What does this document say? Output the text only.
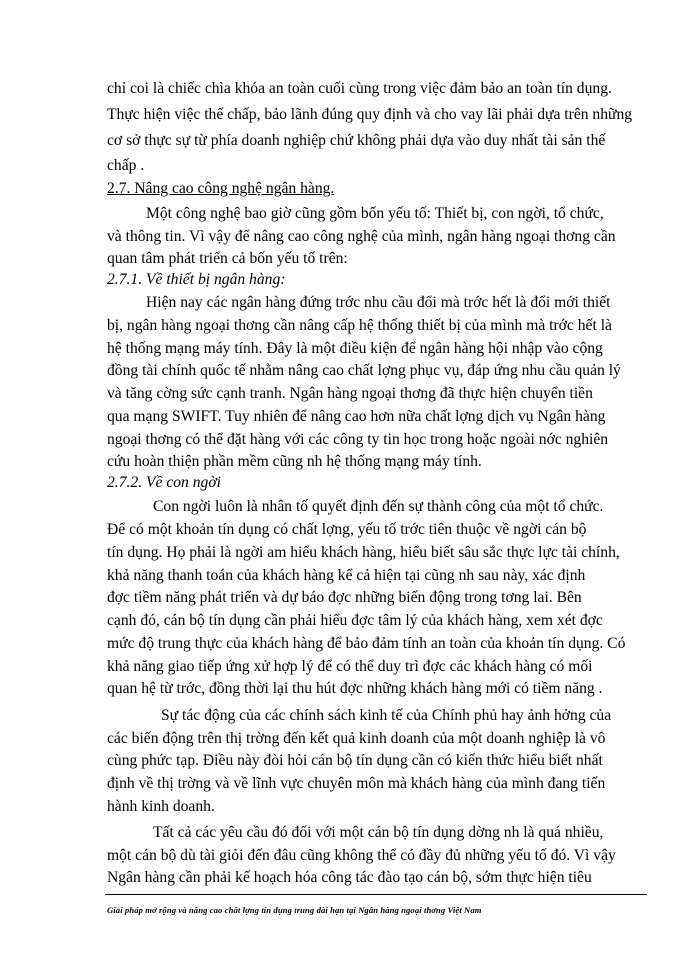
chỉ coi là chiếc chìa khóa an toàn cuối cùng trong việc đảm bảo an toàn tín dụng.
Thực hiện việc thế chấp, bảo lãnh đúng quy định và cho vay lãi phải dựa trên những
cơ sở thực sự từ phía doanh nghiệp chứ không phải dựa vào duy nhất tài sản thế
chấp .
2.7. Nâng cao công nghệ ngân hàng.
Một công nghệ bao giờ cũng gồm bốn yếu tố: Thiết bị, con ngời, tổ chức,
và thông tin. Vì vậy để nâng cao công nghệ của mình, ngân hàng ngoại thơng cần
quan tâm phát triển cả bốn yếu tố trên:
2.7.1. Về thiết bị ngân hàng:
Hiện nay các ngân hàng đứng trớc nhu cầu đổi mà trớc hết là đổi mới thiết
bị, ngân hàng ngoại thơng cần nâng cấp hệ thống thiết bị của mình mà trớc hết là
hệ thống mạng máy tính. Đây là một điều kiện để ngân hàng hội nhập vào cộng
đồng tài chính quốc tế nhằm nâng cao chất lợng phục vụ, đáp ứng nhu cầu quản lý
và tăng cờng sức cạnh tranh. Ngân hàng ngoại thơng đã thực hiện chuyển tiền
qua mạng SWIFT. Tuy nhiên để nâng cao hơn nữa chất lợng dịch vụ Ngân hàng
ngoại thơng có thể đặt hàng với các công ty tin học trong hoặc ngoài nớc nghiên
cứu hoàn thiện phần mềm cũng nh hệ thống mạng máy tính.
2.7.2. Về con ngời
Con ngời luôn là nhân tố quyết định đến sự thành công của một tổ chức.
Để có một khoản tín dụng có chất lợng, yếu tố trớc tiên thuộc về ngời cán bộ
tín dụng. Họ phải là ngời am hiểu khách hàng, hiểu biết sâu sắc thực lực tài chính,
khả năng thanh toán của khách hàng kể cả hiện tại cũng nh sau này, xác định
đợc tiềm năng phát triển và dự báo đợc những biến động trong tơng lai. Bên
cạnh đó, cán bộ tín dụng cần phải hiểu đợc tâm lý của khách hàng, xem xét đợc
mức độ trung thực của khách hàng để bảo đảm tính an toàn của khoản tín dụng. Có
khả năng giao tiếp ứng xử hợp lý để có thể duy trì đợc các khách hàng có mối
quan hệ từ trớc, đồng thời lại thu hút đợc những khách hàng mới có tiềm năng .
Sự tác động của các chính sách kinh tế của Chính phủ hay ảnh hởng của
các biến động trên thị trờng đến kết quả kinh doanh của một doanh nghiệp là vô
cùng phức tạp. Điều này đòi hỏi cán bộ tín dụng cần có kiến thức hiểu biết nhất
định về thị trờng và về lĩnh vực chuyên môn mà khách hàng của mình đang tiến
hành kinh doanh.
Tất cả các yêu cầu đó đối với một cán bộ tín dụng dờng nh là quá nhiều,
một cán bộ dù tài giỏi đến đâu cũng không thể có đầy đủ những yếu tố đó. Vì vậy
Ngân hàng cần phải kế hoạch hóa công tác đào tạo cán bộ, sớm thực hiện tiêu
Giải pháp mở rộng và nâng cao chất lợng tín dụng trung dài hạn tại Ngân hàng ngoại thơng Việt Nam
